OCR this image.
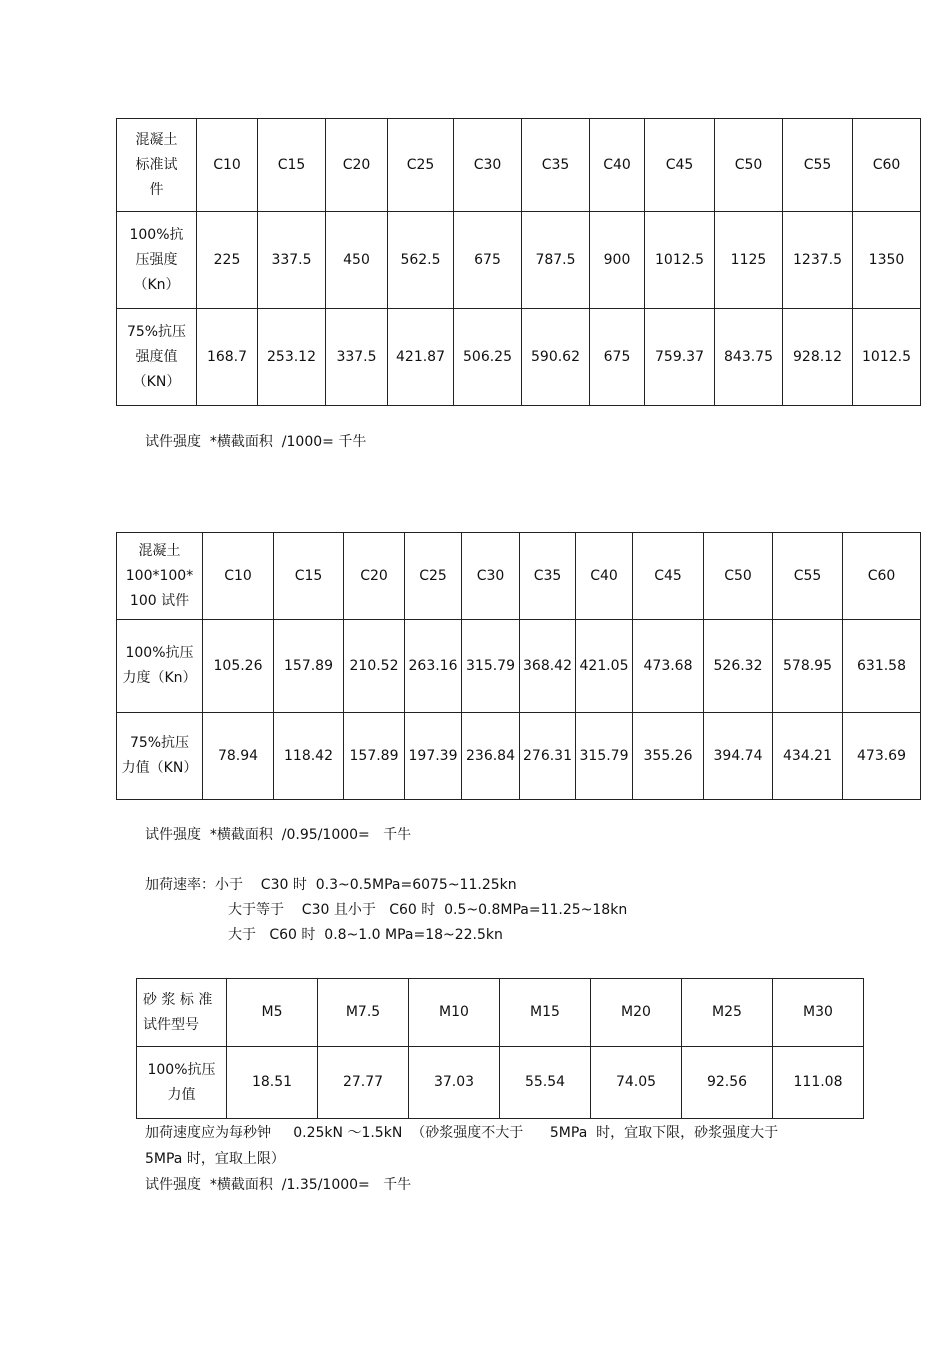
混凝土
标准试
件	C10	C15	C20	C25	C30	C35	C40	C45	C50	C55	C60

100%抗
压强度
（Kn）	225	337.5	450	562.5	675	787.5	900	1012.5	1125	1237.5	1350

75%抗压
强度值
（KN）	168.7	253.12	337.5	421.87	506.25	590.62	675	759.37	843.75	928.12	1012.5
试件强度  *横截面积  /1000= 千牛
混凝土
100*100*
100 试件	C10	C15	C20	C25	C30	C35	C40	C45	C50	C55	C60

100%抗压
力度（Kn）	105.26	157.89	210.52	263.16	315.79	368.42	421.05	473.68	526.32	578.95	631.58

75%抗压
力值（KN）	78.94	118.42	157.89	197.39	236.84	276.31	315.79	355.26	394.74	434.21	473.69
试件强度  *横截面积  /0.95/1000=   千牛
加荷速率：小于    C30 时  0.3~0.5MPa=6075~11.25kn
大于等于    C30 且小于   C60 时  0.5~0.8MPa=11.25~18kn
大于   C60 时  0.8~1.0 MPa=18~22.5kn
砂 浆 标 准
试件型号	M5	M7.5	M10	M15	M20	M25	M30

100%抗压
力值	18.51	27.77	37.03	55.54	74.05	92.56	111.08
加荷速度应为每秒钟     0.25kN ～1.5kN  （砂浆强度不大于      5MPa  时，宜取下限，砂浆强度大于
5MPa 时，宜取上限）
试件强度  *横截面积  /1.35/1000=   千牛
